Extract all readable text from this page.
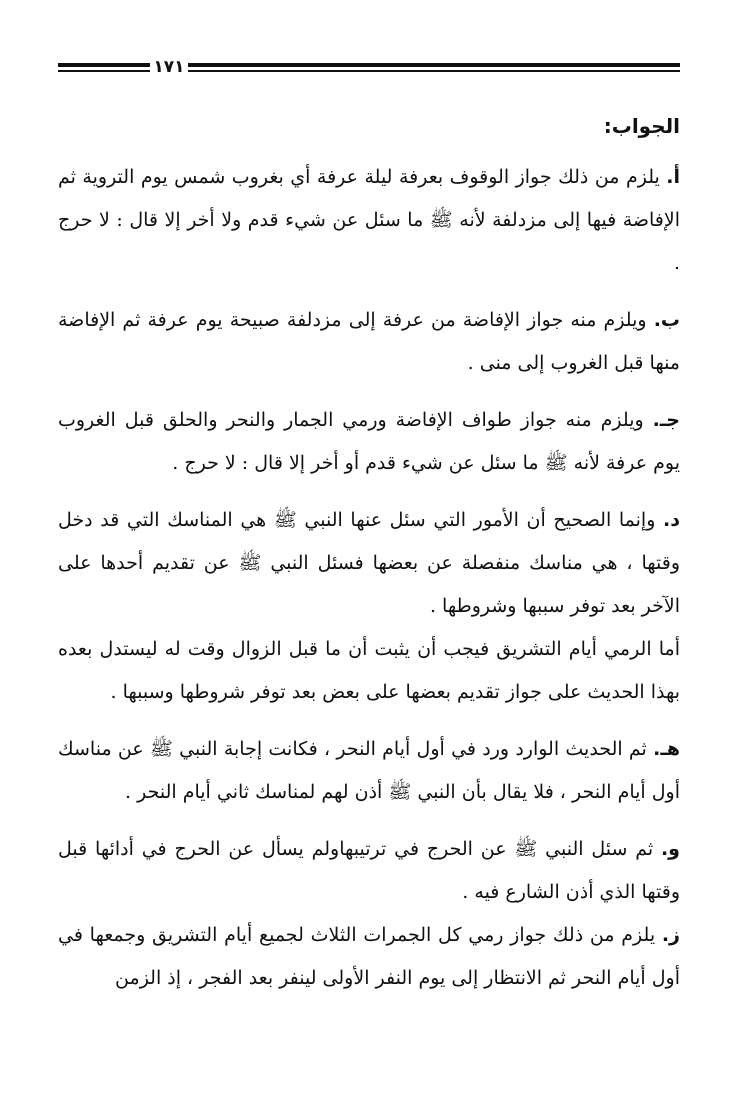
١٧١
الجواب:

أ. يلزم من ذلك جواز الوقوف بعرفة ليلة عرفة أي بغروب شمس يوم التروية ثم الإفاضة فيها إلى مزدلفة لأنه ﷺ ما سئل عن شيء قدم ولا أخر إلا قال : لا حرج .

ب. ويلزم منه جواز الإفاضة من عرفة إلى مزدلفة صبيحة يوم عرفة ثم الإفاضة منها قبل الغروب إلى منى .

جـ. ويلزم منه جواز طواف الإفاضة ورمي الجمار والنحر والحلق قبل الغروب يوم عرفة لأنه ﷺ ما سئل عن شيء قدم أو أخر إلا قال : لا حرج .

د. وإنما الصحيح أن الأمور التي سئل عنها النبي ﷺ هي المناسك التي قد دخل وقتها ، هي مناسك منفصلة عن بعضها فسئل النبي ﷺ عن تقديم أحدها على الآخر بعد توفر سببها وشروطها .

أما الرمي أيام التشريق فيجب أن يثبت أن ما قبل الزوال وقت له ليستدل بعده بهذا الحديث على جواز تقديم بعضها على بعض بعد توفر شروطها وسببها .

هـ. ثم الحديث الوارد ورد في أول أيام النحر ، فكانت إجابة النبي ﷺ عن مناسك أول أيام النحر ، فلا يقال بأن النبي ﷺ أذن لهم لمناسك ثاني أيام النحر .

و. ثم سئل النبي ﷺ عن الحرج في ترتيبهاولم يسأل عن الحرج في أدائها قبل وقتها الذي أذن الشارع فيه .

ز. يلزم من ذلك جواز رمي كل الجمرات الثلاث لجميع أيام التشريق وجمعها في أول أيام النحر ثم الانتظار إلى يوم النفر الأولى لينفر بعد الفجر ، إذ الزمن
